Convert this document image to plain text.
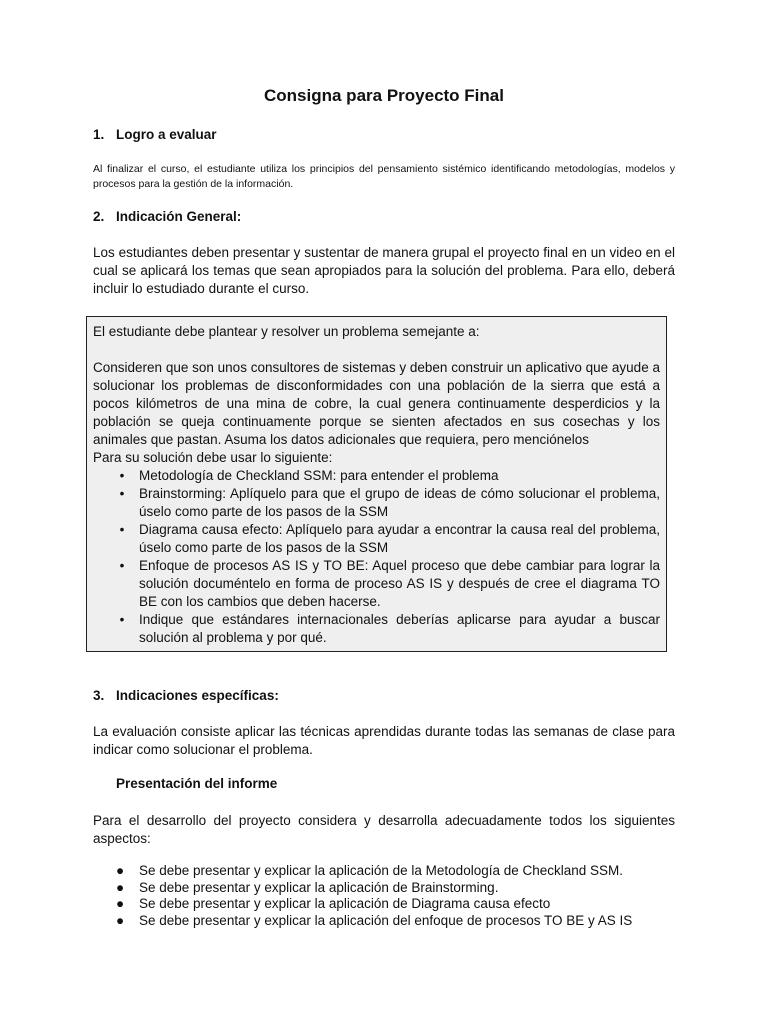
Consigna para Proyecto Final
1. Logro a evaluar
Al finalizar el curso, el estudiante utiliza los principios del pensamiento sistémico identificando metodologías, modelos y procesos para la gestión de la información.
2. Indicación General:
Los estudiantes deben presentar y sustentar de manera grupal el proyecto final en un video en el cual se aplicará los temas que sean apropiados para la solución del problema. Para ello, deberá incluir lo estudiado durante el curso.

El estudiante debe plantear y resolver un problema semejante a:

Consideren que son unos consultores de sistemas y deben construir un aplicativo que ayude a solucionar los problemas de disconformidades con una población de la sierra que está a pocos kilómetros de una mina de cobre, la cual genera continuamente desperdicios y la población se queja continuamente porque se sienten afectados en sus cosechas y los animales que pastan. Asuma los datos adicionales que requiera, pero menciónelos

Para su solución debe usar lo siguiente:

•	Metodología de Checkland SSM: para entender el problema
•	Brainstorming: Aplíquelo para que el grupo de ideas de cómo solucionar el problema, úselo como parte de los pasos de la SSM
•	Diagrama causa efecto: Aplíquelo para ayudar a encontrar la causa real del problema, úselo como parte de los pasos de la SSM
•	Enfoque de procesos AS IS y TO BE: Aquel proceso que debe cambiar para lograr la solución documéntelo en forma de proceso AS IS y después de cree el diagrama TO BE con los cambios que deben hacerse.
•	Indique que estándares internacionales deberías aplicarse para ayudar a buscar solución al problema y por qué.
3. Indicaciones específicas:
La evaluación consiste aplicar las técnicas aprendidas durante todas las semanas de clase para indicar como solucionar el problema.
Presentación del informe
Para el desarrollo del proyecto considera y desarrolla adecuadamente todos los siguientes aspectos:
● Se debe presentar y explicar la aplicación de la Metodología de Checkland SSM.
● Se debe presentar y explicar la aplicación de Brainstorming.
● Se debe presentar y explicar la aplicación de Diagrama causa efecto
● Se debe presentar y explicar la aplicación del enfoque de procesos TO BE y AS IS
